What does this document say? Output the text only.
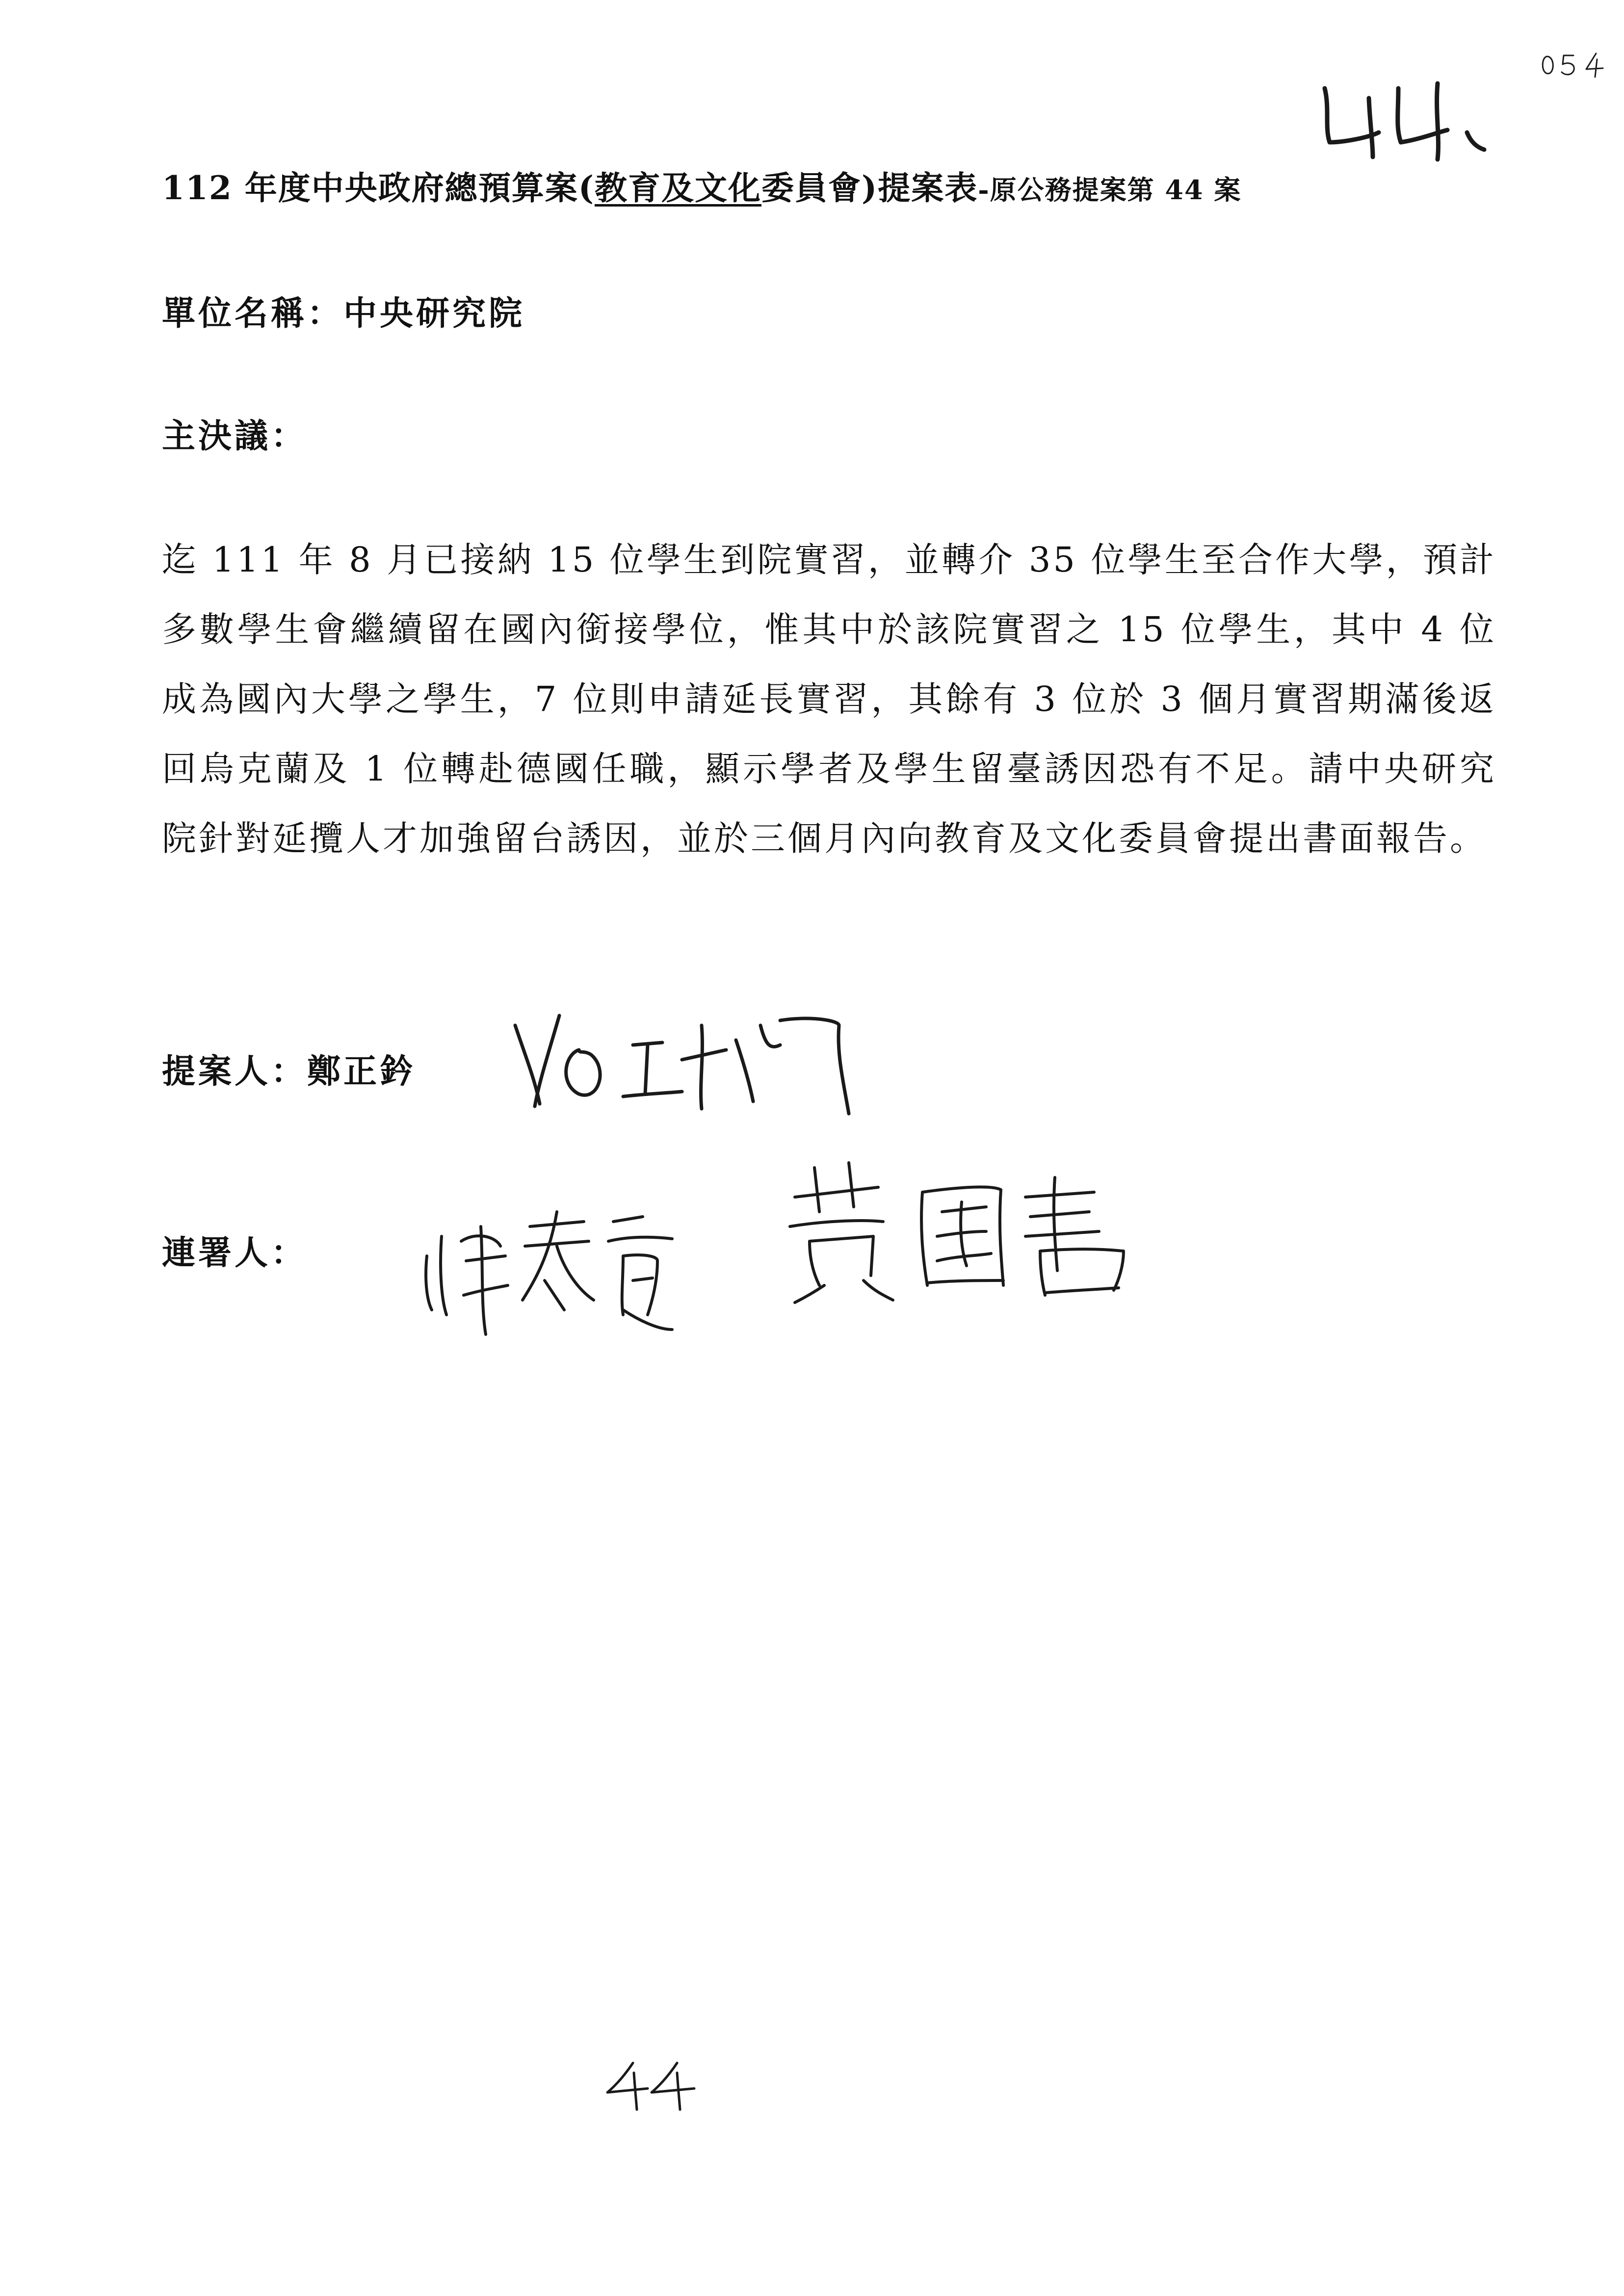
112 年度中央政府總預算案(教育及文化委員會)提案表-原公務提案第 44 案
單位名稱：中央研究院
主決議：
迄 111 年 8 月已接納 15 位學生到院實習，並轉介 35 位學生至合作大學，預計多數學生會繼續留在國內銜接學位，惟其中於該院實習之 15 位學生，其中 4 位成為國內大學之學生，7 位則申請延長實習，其餘有 3 位於 3 個月實習期滿後返回烏克蘭及 1 位轉赴德國任職，顯示學者及學生留臺誘因恐有不足。請中央研究院針對延攬人才加強留台誘因，並於三個月內向教育及文化委員會提出書面報告。
提案人：鄭正鈐
連署人：
